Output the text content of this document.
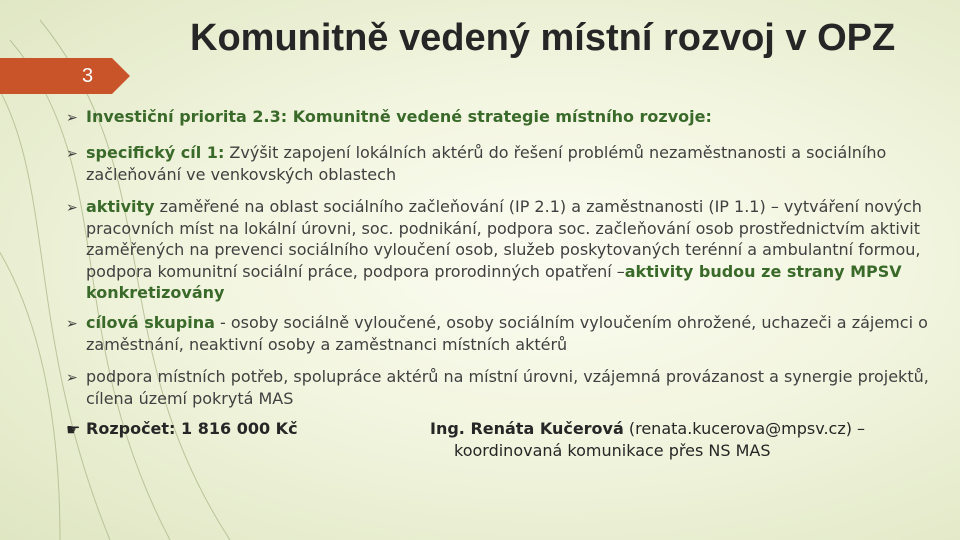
Komunitně vedený místní rozvoj v OPZ
3
➢ Investiční priorita 2.3: Komunitně vedené strategie místního rozvoje:
➢ specifický cíl 1: Zvýšit zapojení lokálních aktérů do řešení problémů nezaměstnanosti a sociálního začleňování ve venkovských oblastech
➢ aktivity zaměřené na oblast sociálního začleňování (IP 2.1) a zaměstnanosti (IP 1.1) – vytváření nových pracovních míst na lokální úrovni, soc. podnikání, podpora soc. začleňování osob prostřednictvím aktivit zaměřených na prevenci sociálního vyloučení osob, služeb poskytovaných terénní a ambulantní formou, podpora komunitní sociální práce, podpora prorodinných opatření –aktivity budou ze strany MPSV konkretizovány
➢ cílová skupina - osoby sociálně vyloučené, osoby sociálním vyloučením ohrožené, uchazeči a zájemci o zaměstnání, neaktivní osoby a zaměstnanci místních aktérů
➢ podpora místních potřeb, spolupráce aktérů na místní úrovni, vzájemná provázanost a synergie projektů, cílena území pokrytá MAS
☛ Rozpočet: 1 816 000 Kč	Ing. Renáta Kučerová (renata.kucerova@mpsv.cz) –
koordinovaná komunikace přes NS MAS
